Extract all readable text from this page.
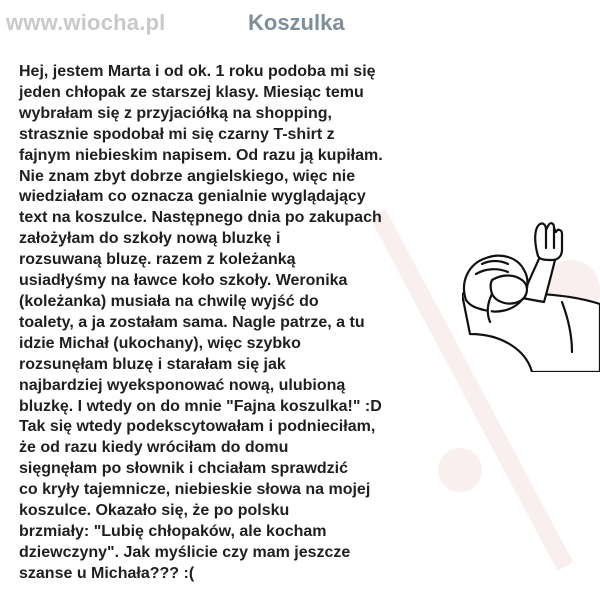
www.wiocha.pl	Koszulka
Hej, jestem Marta i od ok. 1 roku podoba mi się
jeden chłopak ze starszej klasy. Miesiąc temu
wybrałam się z przyjaciółką na shopping,
strasznie spodobał mi się czarny T-shirt z
fajnym niebieskim napisem. Od razu ją kupiłam.
Nie znam zbyt dobrze angielskiego, więc nie
wiedziałam co oznacza genialnie wyglądający
text na koszulce. Następnego dnia po zakupach
założyłam do szkoły nową bluzkę i
rozsuwaną bluzę. razem z koleżanką
usiadłyśmy na ławce koło szkoły. Weronika
(koleżanka) musiała na chwilę wyjść do
toalety, a ja zostałam sama. Nagle patrze, a tu
idzie Michał (ukochany), więc szybko
rozsunęłam bluzę i starałam się jak
najbardziej wyeksponować nową, ulubioną
bluzkę. I wtedy on do mnie "Fajna koszulka!" :D
Tak się wtedy podekscytowałam i podnieciłam,
że od razu kiedy wróciłam do domu
sięgnęłam po słownik i chciałam sprawdzić
co kryły tajemnicze, niebieskie słowa na mojej
koszulce. Okazało się, że po polsku
brzmiały: "Lubię chłopaków, ale kocham
dziewczyny". Jak myślicie czy mam jeszcze
szanse u Michała??? :(
